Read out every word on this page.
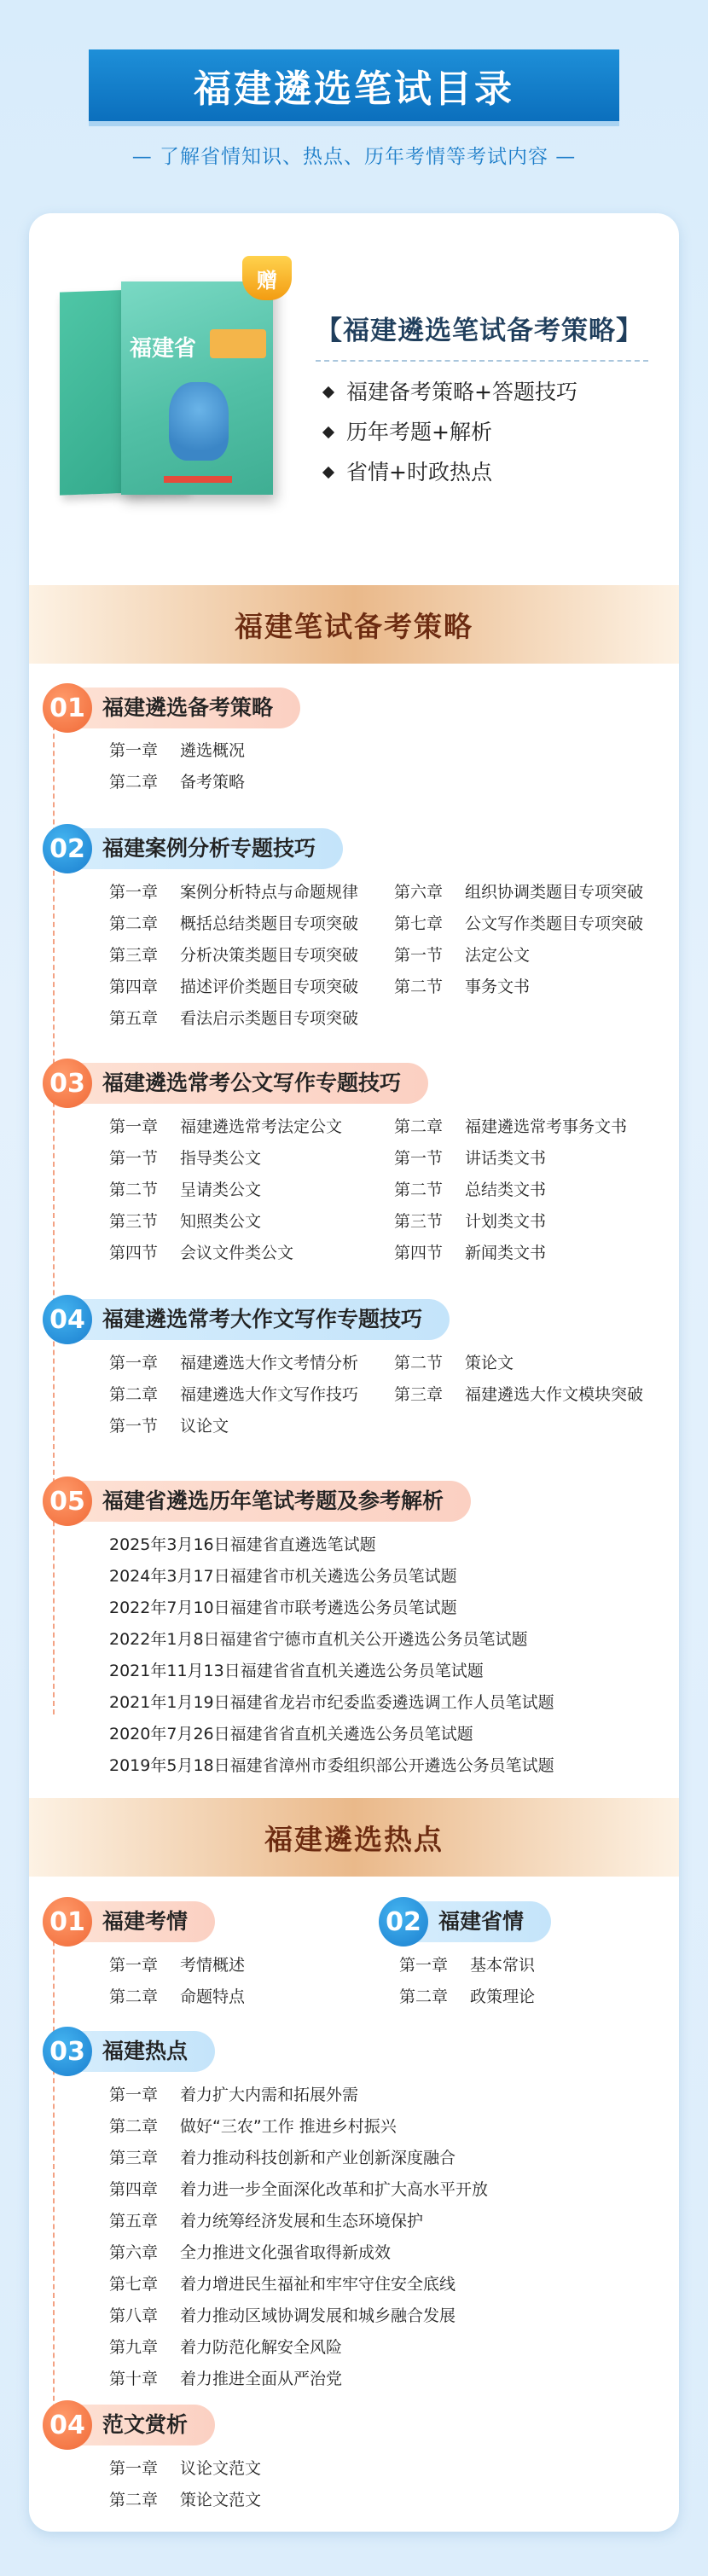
福建遴选笔试目录
— 了解省情知识、热点、历年考情等考试内容 —
福建省
赠
【福建遴选笔试备考策略】
福建备考策略+答题技巧
历年考题+解析
省情+时政热点
福建笔试备考策略
01 福建遴选备考策略
第一章 遴选概况
第二章 备考策略
02 福建案例分析专题技巧
第一章 案例分析特点与命题规律
第二章 概括总结类题目专项突破
第三章 分析决策类题目专项突破
第四章 描述评价类题目专项突破
第五章 看法启示类题目专项突破
第六章 组织协调类题目专项突破
第七章 公文写作类题目专项突破
第一节 法定公文
第二节 事务文书
03 福建遴选常考公文写作专题技巧
第一章 福建遴选常考法定公文
第一节 指导类公文
第二节 呈请类公文
第三节 知照类公文
第四节 会议文件类公文
第二章 福建遴选常考事务文书
第一节 讲话类文书
第二节 总结类文书
第三节 计划类文书
第四节 新闻类文书
04 福建遴选常考大作文写作专题技巧
第一章 福建遴选大作文考情分析
第二章 福建遴选大作文写作技巧
第一节 议论文
第二节 策论文
第三章 福建遴选大作文模块突破
05 福建省遴选历年笔试考题及参考解析
2025年3月16日福建省直遴选笔试题
2024年3月17日福建省市机关遴选公务员笔试题
2022年7月10日福建省市联考遴选公务员笔试题
2022年1月8日福建省宁德市直机关公开遴选公务员笔试题
2021年11月13日福建省省直机关遴选公务员笔试题
2021年1月19日福建省龙岩市纪委监委遴选调工作人员笔试题
2020年7月26日福建省省直机关遴选公务员笔试题
2019年5月18日福建省漳州市委组织部公开遴选公务员笔试题
福建遴选热点
01 福建考情
第一章 考情概述
第二章 命题特点
02 福建省情
第一章 基本常识
第二章 政策理论
03 福建热点
第一章 着力扩大内需和拓展外需
第二章 做好“三农”工作 推进乡村振兴
第三章 着力推动科技创新和产业创新深度融合
第四章 着力进一步全面深化改革和扩大高水平开放
第五章 着力统筹经济发展和生态环境保护
第六章 全力推进文化强省取得新成效
第七章 着力增进民生福祉和牢牢守住安全底线
第八章 着力推动区域协调发展和城乡融合发展
第九章 着力防范化解安全风险
第十章 着力推进全面从严治党
04 范文赏析
第一章 议论文范文
第二章 策论文范文
